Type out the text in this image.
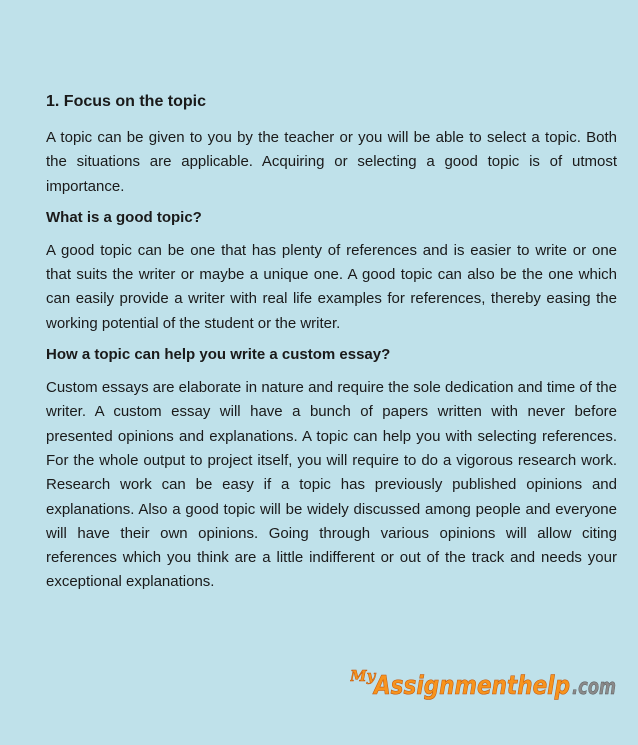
1. Focus on the topic

A topic can be given to you by the teacher or you will be able to select a topic. Both the situations are applicable. Acquiring or selecting a good topic is of utmost importance.

What is a good topic?

A good topic can be one that has plenty of references and is easier to write or one that suits the writer or maybe a unique one. A good topic can also be the one which can easily provide a writer with real life examples for references, thereby easing the working potential of the student or the writer.

How a topic can help you write a custom essay?

Custom essays are elaborate in nature and require the sole dedication and time of the writer. A custom essay will have a bunch of papers written with never before presented opinions and explanations. A topic can help you with selecting references. For the whole output to project itself, you will require to do a vigorous research work. Research work can be easy if a topic has previously published opinions and explanations. Also a good topic will be widely discussed among people and everyone will have their own opinions. Going through various opinions will allow citing references which you think are a little indifferent or out of the track and needs your exceptional explanations.

My
Assignmenthelp .com
